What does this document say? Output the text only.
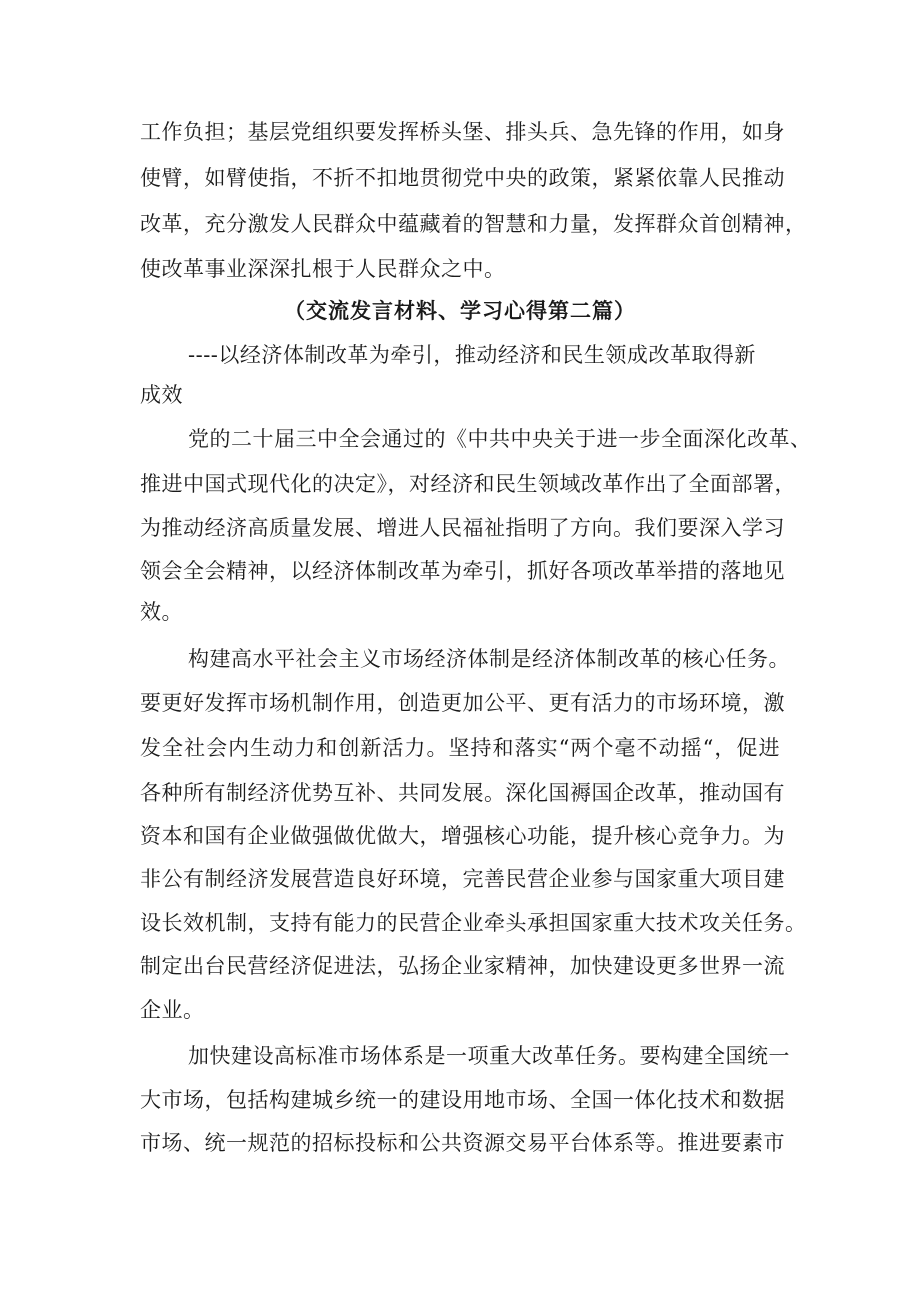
工作负担；基层党组织要发挥桥头堡、排头兵、急先锋的作用，如身
使臂，如臂使指，不折不扣地贯彻党中央的政策，紧紧依靠人民推动
改革，充分激发人民群众中蕴藏着的智慧和力量，发挥群众首创精神，
使改革事业深深扎根于人民群众之中。
（交流发言材料、学习心得第二篇）
----以经济体制改革为牵引，推动经济和民生领成改革取得新
成效
党的二十届三中全会通过的《中共中央关于进一步全面深化改革、
推进中国式现代化的决定》，对经济和民生领域改革作出了全面部署，
为推动经济高质量发展、增进人民福祉指明了方向。我们要深入学习
领会全会精神，以经济体制改革为牵引，抓好各项改革举措的落地见
效。
构建高水平社会主义市场经济体制是经济体制改革的核心任务。
要更好发挥市场机制作用，创造更加公平、更有活力的市场环境，激
发全社会内生动力和创新活力。坚持和落实“两个毫不动摇“，促进
各种所有制经济优势互补、共同发展。深化国褥国企改革，推动国有
资本和国有企业做强做优做大，增强核心功能，提升核心竞争力。为
非公有制经济发展营造良好环境，完善民营企业参与国家重大项目建
设长效机制，支持有能力的民营企业牵头承担国家重大技术攻关任务。
制定出台民营经济促进法，弘扬企业家精神，加快建设更多世界一流
企业。
加快建设高标准市场体系是一项重大改革任务。要构建全国统一
大市场，包括构建城乡统一的建设用地市场、全国一体化技术和数据
市场、统一规范的招标投标和公共资源交易平台体系等。推进要素市
